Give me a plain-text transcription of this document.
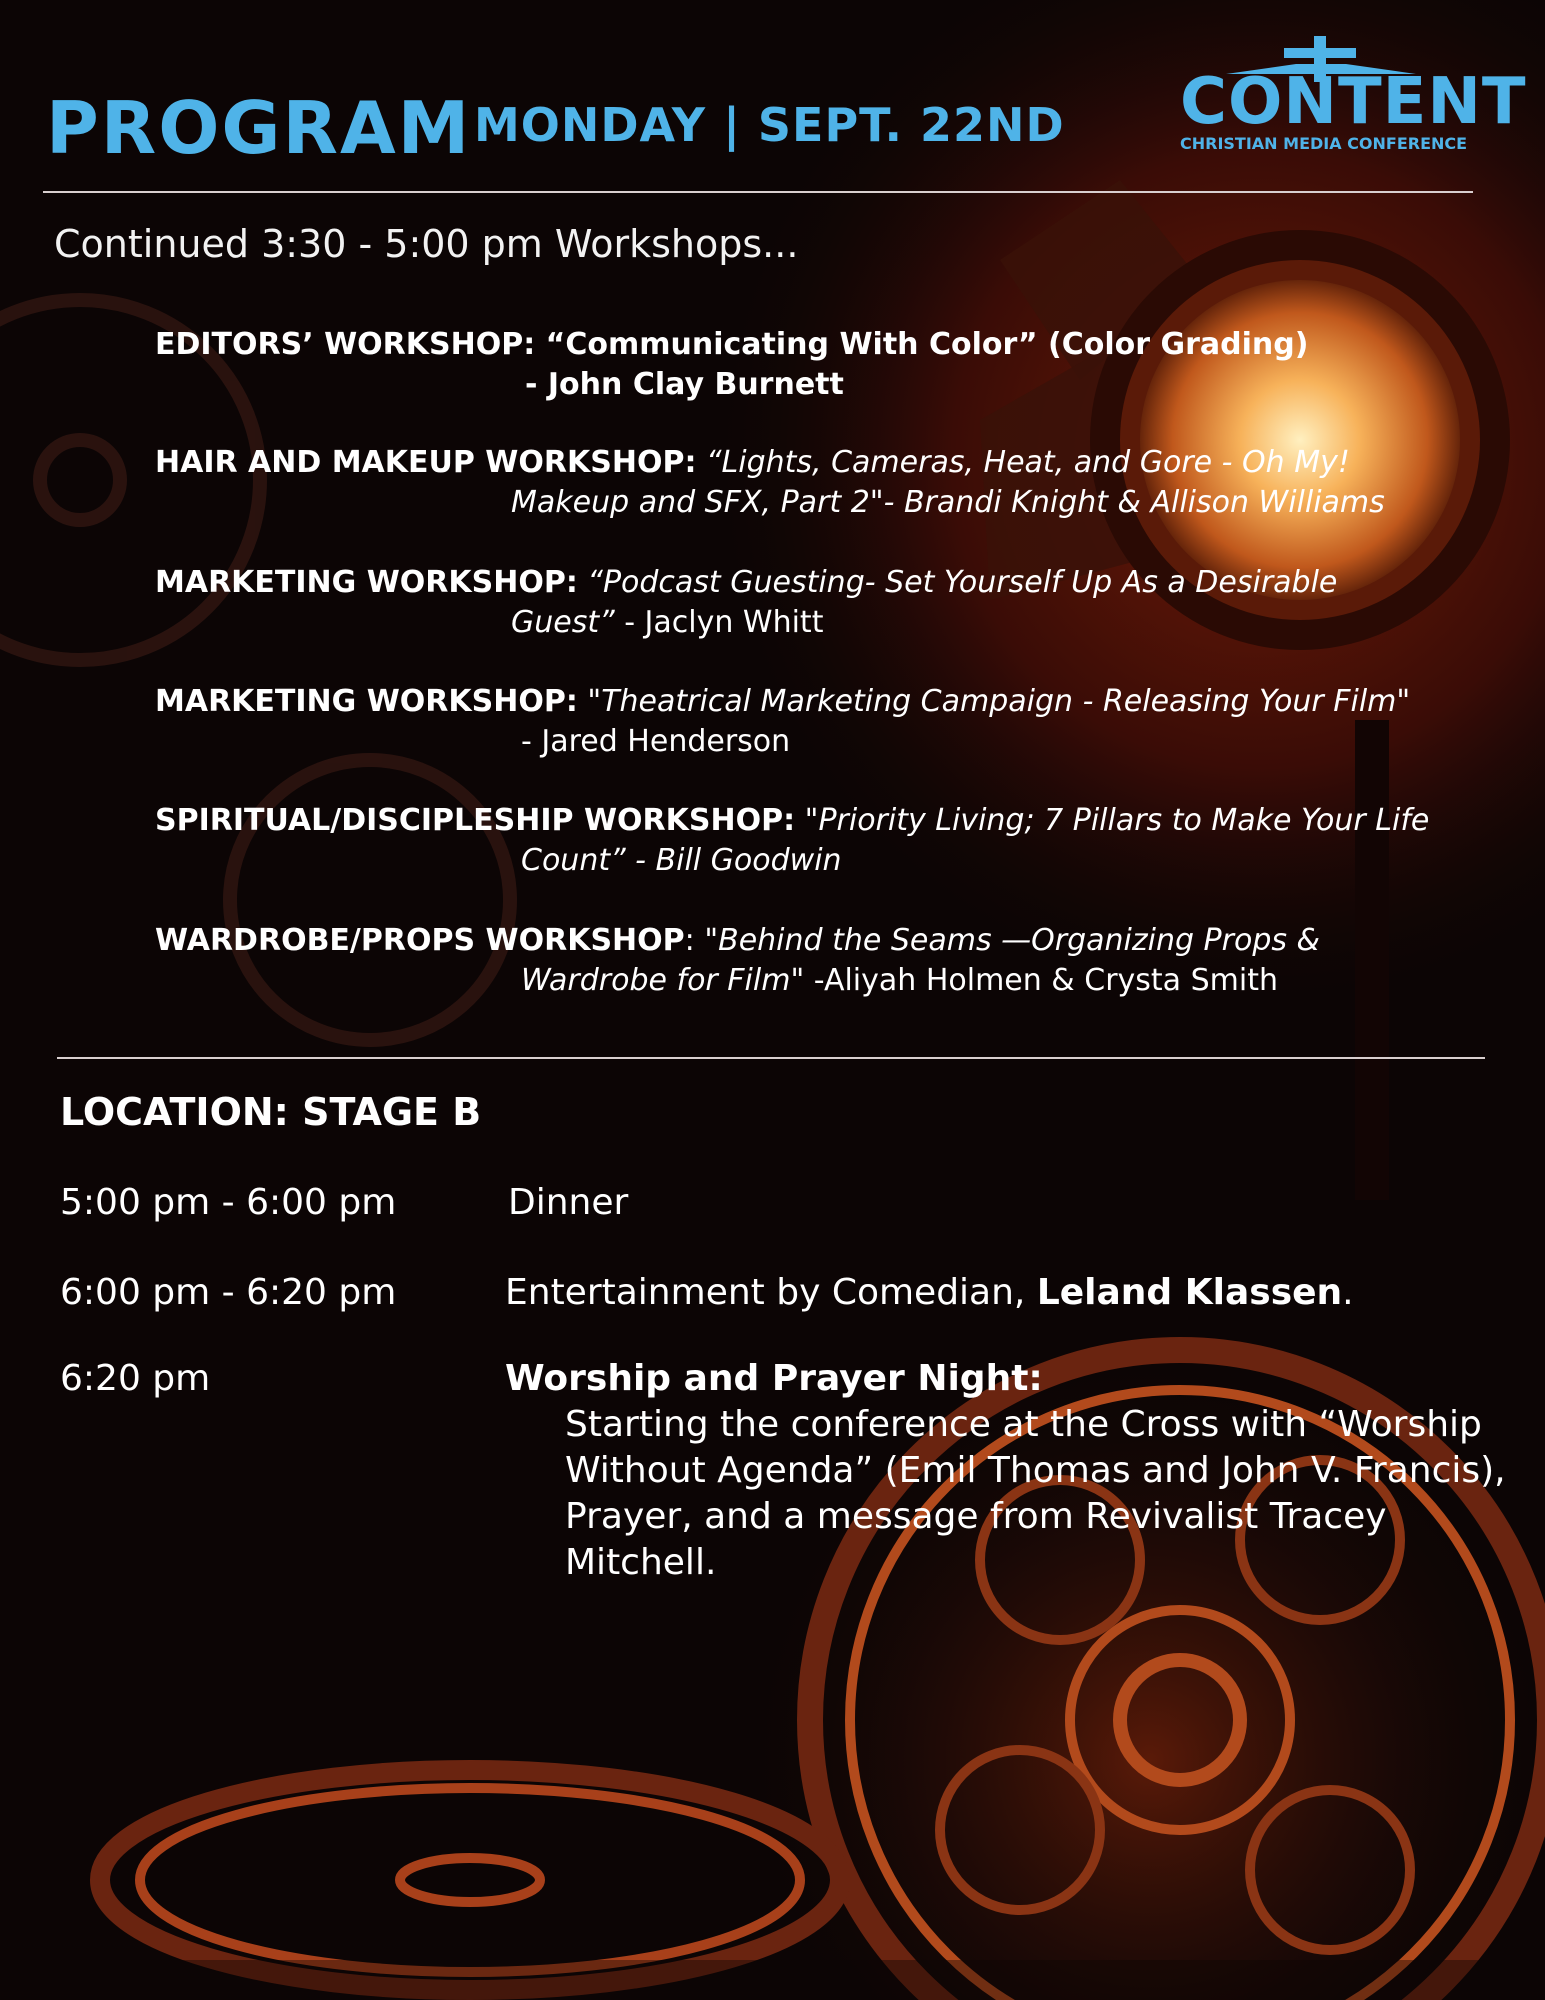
PROGRAM MONDAY | SEPT. 22ND CONTENT
CHRISTIAN MEDIA CONFERENCE
Continued 3:30 - 5:00 pm Workshops...
EDITORS’ WORKSHOP: “Communicating With Color” (Color Grading)
- John Clay Burnett
HAIR AND MAKEUP WORKSHOP: “Lights, Cameras, Heat, and Gore - Oh My!
Makeup and SFX, Part 2"- Brandi Knight & Allison Williams
MARKETING WORKSHOP: “Podcast Guesting- Set Yourself Up As a Desirable
Guest” - Jaclyn Whitt
MARKETING WORKSHOP: "Theatrical Marketing Campaign - Releasing Your Film"
- Jared Henderson
SPIRITUAL/DISCIPLESHIP WORKSHOP: "Priority Living; 7 Pillars to Make Your Life
Count” - Bill Goodwin
WARDROBE/PROPS WORKSHOP: "Behind the Seams —Organizing Props &
Wardrobe for Film" -Aliyah Holmen & Crysta Smith
LOCATION: STAGE B
5:00 pm - 6:00 pm	Dinner
6:00 pm - 6:20 pm	Entertainment by Comedian, Leland Klassen.
6:20 pm	Worship and Prayer Night:
Starting the conference at the Cross with “Worship Without Agenda” (Emil Thomas and John V. Francis), Prayer, and a message from Revivalist Tracey Mitchell.
